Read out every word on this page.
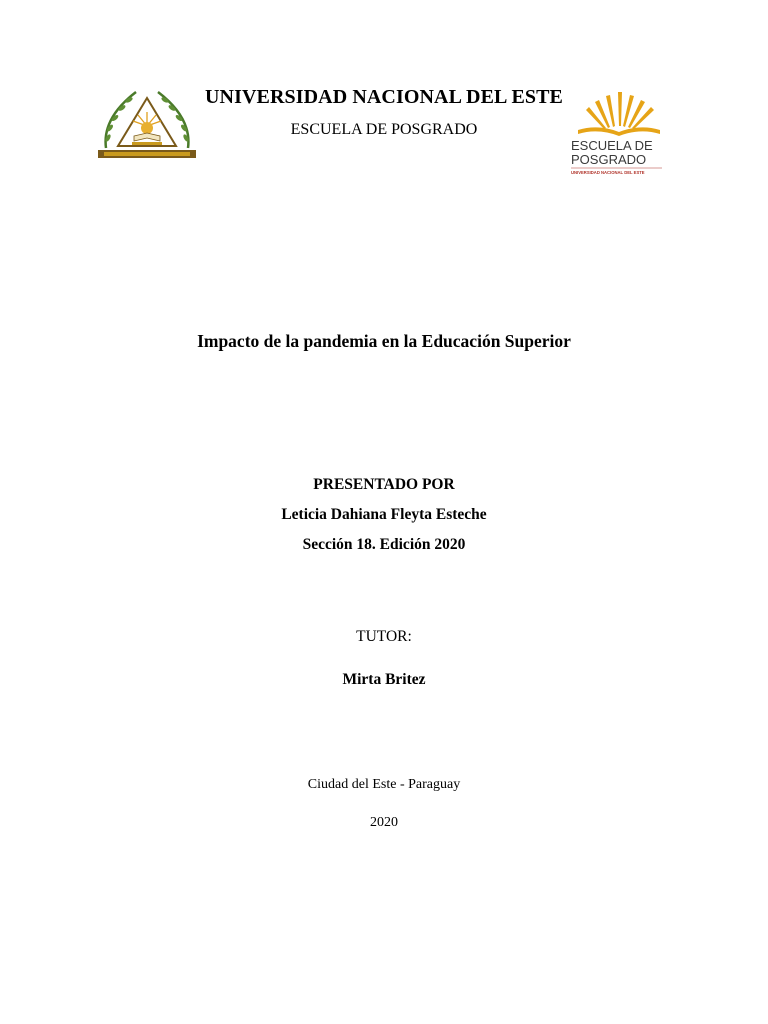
UNIVERSIDAD NACIONAL DEL ESTE
ESCUELA DE POSGRADO
ESCUELA DE
POSGRADO
UNIVERSIDAD NACIONAL DEL ESTE
Impacto de la pandemia en la Educación Superior
PRESENTADO POR
Leticia Dahiana Fleyta Esteche
Sección 18. Edición 2020
TUTOR:
Mirta Britez
Ciudad del Este - Paraguay
2020
